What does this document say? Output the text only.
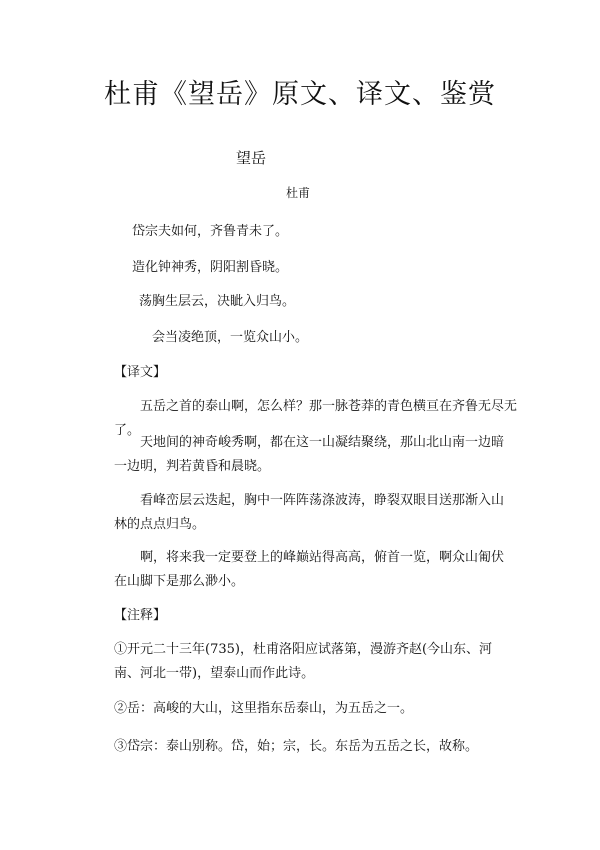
杜甫《望岳》原文、译文、鉴赏
望岳
杜甫
岱宗夫如何，齐鲁青未了。
造化钟神秀，阴阳割昏晓。
荡胸生层云，决眦入归鸟。
会当凌绝顶，一览众山小。
【译文】
五岳之首的泰山啊，怎么样？那一脉苍莽的青色横亘在齐鲁无尽无了。
天地间的神奇峻秀啊，都在这一山凝结聚绕，那山北山南一边暗一边明，判若黄昏和晨晓。
看峰峦层云迭起，胸中一阵阵荡涤波涛，睁裂双眼目送那渐入山林的点点归鸟。
啊，将来我一定要登上的峰巅站得高高，俯首一览，啊众山匍伏在山脚下是那么渺小。
【注释】
①开元二十三年(735)，杜甫洛阳应试落第，漫游齐赵(今山东、河南、河北一带)，望泰山而作此诗。
②岳：高峻的大山，这里指东岳泰山，为五岳之一。
③岱宗：泰山别称。岱，始；宗，长。东岳为五岳之长，故称。
